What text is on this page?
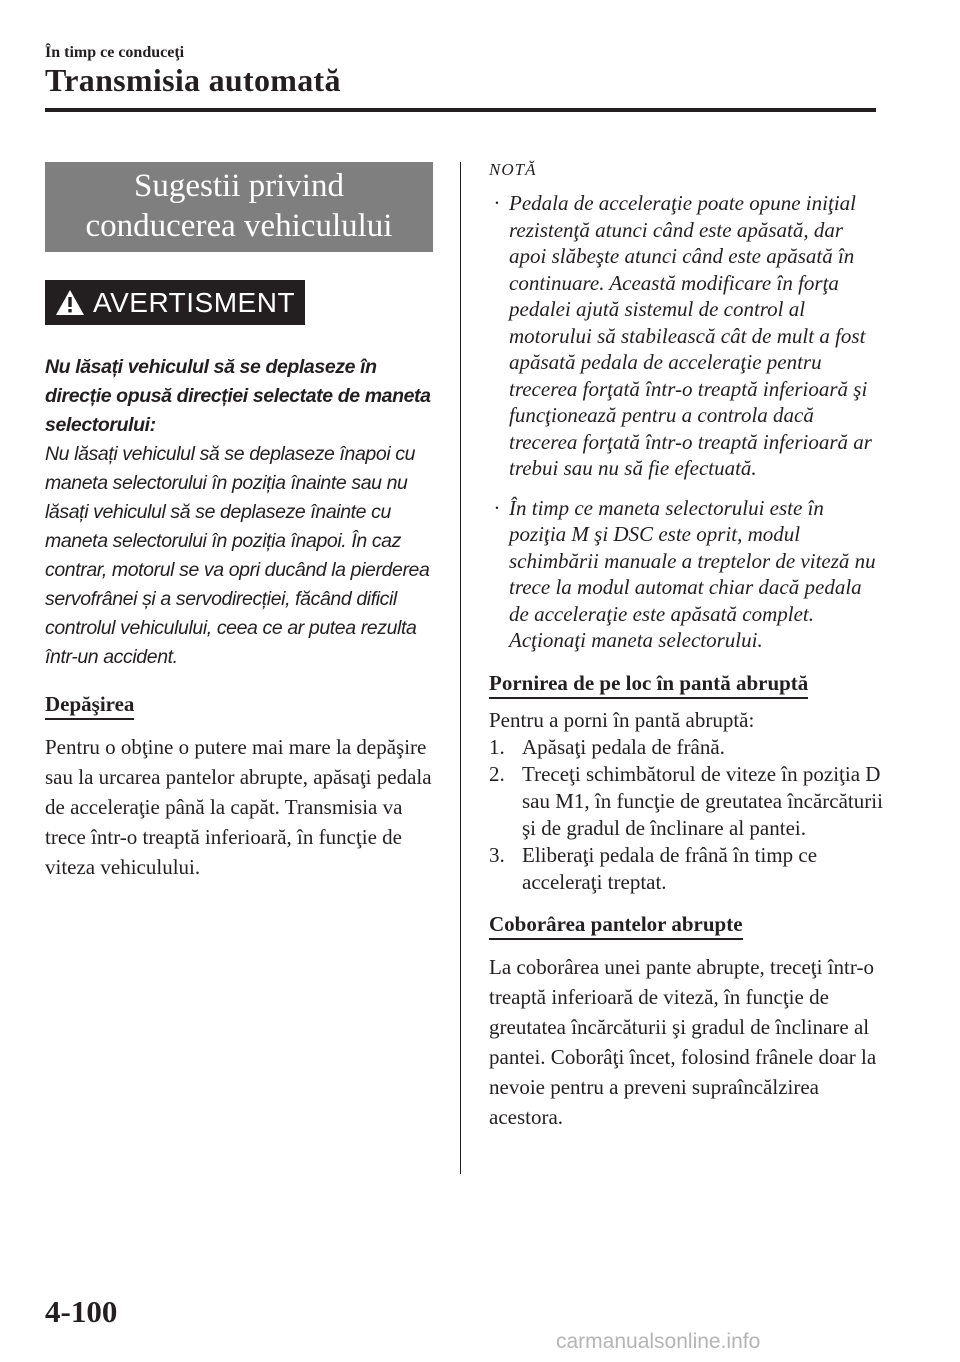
În timp ce conduceţi
Transmisia automată
Sugestii privind
conducerea vehiculului
AVERTISMENT
Nu lăsați vehiculul să se deplaseze în direcție opusă direcției selectate de maneta selectorului:
Nu lăsați vehiculul să se deplaseze înapoi cu maneta selectorului în poziția înainte sau nu lăsați vehiculul să se deplaseze înainte cu maneta selectorului în poziția înapoi. În caz contrar, motorul se va opri ducând la pierderea servofrânei și a servodirecției, făcând dificil controlul vehiculului, ceea ce ar putea rezulta într-un accident.
Depăşirea
Pentru o obţine o putere mai mare la depăşire sau la urcarea pantelor abrupte, apăsaţi pedala de acceleraţie până la capăt. Transmisia va trece într-o treaptă inferioară, în funcţie de viteza vehiculului.
NOTĂ
· Pedala de acceleraţie poate opune iniţial rezistenţă atunci când este apăsată, dar apoi slăbeşte atunci când este apăsată în continuare. Această modificare în forţa pedalei ajută sistemul de control al motorului să stabilească cât de mult a fost apăsată pedala de acceleraţie pentru trecerea forţată într-o treaptă inferioară şi funcţionează pentru a controla dacă trecerea forţată într-o treaptă inferioară ar trebui sau nu să fie efectuată.
· În timp ce maneta selectorului este în poziţia M şi DSC este oprit, modul schimbării manuale a treptelor de viteză nu trece la modul automat chiar dacă pedala de acceleraţie este apăsată complet. Acţionaţi maneta selectorului.
Pornirea de pe loc în pantă abruptă
Pentru a porni în pantă abruptă:
1. Apăsaţi pedala de frână.
2. Treceţi schimbătorul de viteze în poziţia D sau M1, în funcţie de greutatea încărcăturii şi de gradul de înclinare al pantei.
3. Eliberaţi pedala de frână în timp ce acceleraţi treptat.
Coborârea pantelor abrupte
La coborârea unei pante abrupte, treceţi într-o treaptă inferioară de viteză, în funcţie de greutatea încărcăturii şi gradul de înclinare al pantei. Coborâţi încet, folosind frânele doar la nevoie pentru a preveni supraîncălzirea acestora.
4-100
carmanualsonline.info
